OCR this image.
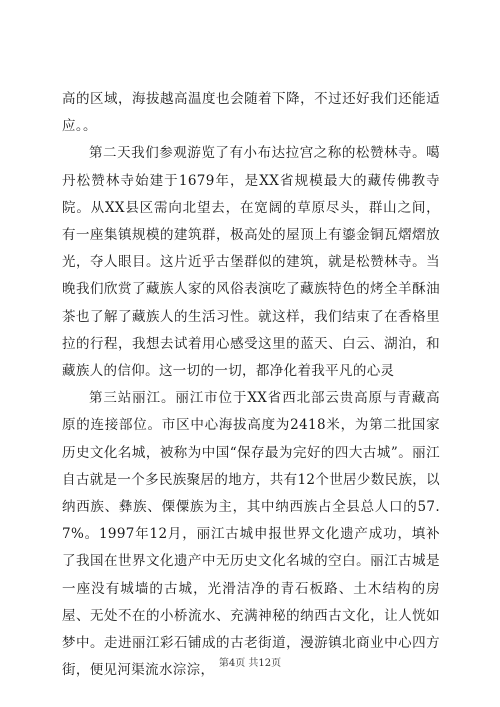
高的区域，海拔越高温度也会随着下降，不过还好我们还能适应。。

第二天我们参观游览了有小布达拉宫之称的松赞林寺。噶丹松赞林寺始建于1679年，是XX省规模最大的藏传佛教寺院。从XX县区需向北望去，在宽阔的草原尽头，群山之间，有一座集镇规模的建筑群，极高处的屋顶上有鎏金铜瓦熠熠放光，夺人眼目。这片近乎古堡群似的建筑，就是松赞林寺。当晚我们欣赏了藏族人家的风俗表演吃了藏族特色的烤全羊酥油茶也了解了藏族人的生活习性。就这样，我们结束了在香格里拉的行程，我想去试着用心感受这里的蓝天、白云、湖泊，和藏族人的信仰。这一切的一切，都净化着我平凡的心灵

第三站丽江。丽江市位于XX省西北部云贵高原与青藏高原的连接部位。市区中心海拔高度为2418米，为第二批国家历史文化名城，被称为中国“保存最为完好的四大古城”。丽江自古就是一个多民族聚居的地方，共有12个世居少数民族，以纳西族、彝族、傈僳族为主，其中纳西族占全县总人口的57.7%。1997年12月，丽江古城申报世界文化遗产成功，填补了我国在世界文化遗产中无历史文化名城的空白。丽江古城是一座没有城墙的古城，光滑洁净的青石板路、土木结构的房屋、无处不在的小桥流水、充满神秘的纳西古文化，让人恍如梦中。走进丽江彩石铺成的古老街道，漫游镇北商业中心四方街，便见河渠流水淙淙， 第4页 共12页
